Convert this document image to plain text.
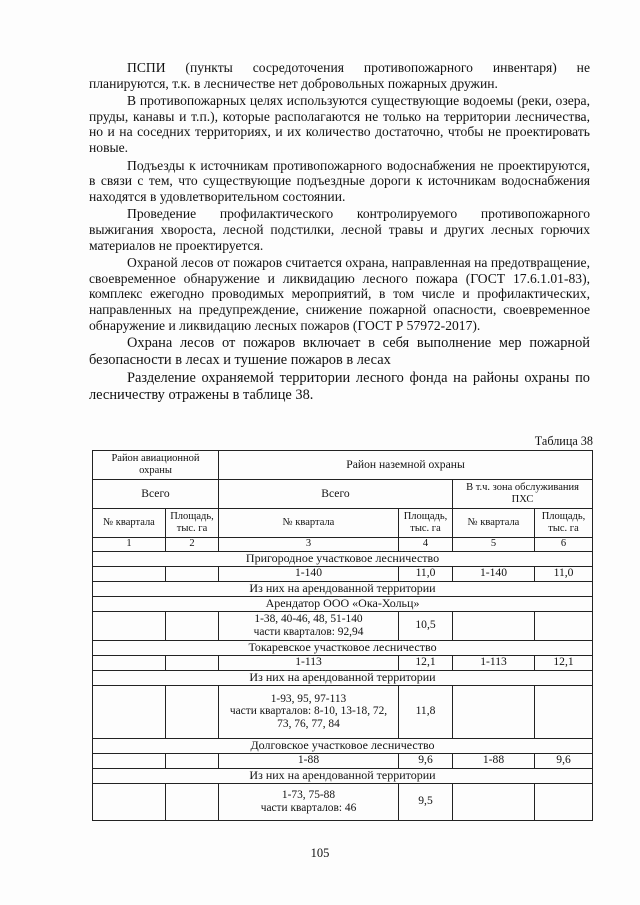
ПСПИ (пункты сосредоточения противопожарного инвентаря) не планируются, т.к. в лесничестве нет добровольных пожарных дружин.

В противопожарных целях используются существующие водоемы (реки, озера, пруды, канавы и т.п.), которые располагаются не только на территории лесничества, но и на соседних территориях, и их количество достаточно, чтобы не проектировать новые.

Подъезды к источникам противопожарного водоснабжения не проектируются, в связи с тем, что существующие подъездные дороги к источникам водоснабжения находятся в удовлетворительном состоянии.

Проведение профилактического контролируемого противопожарного выжигания хвороста, лесной подстилки, лесной травы и других лесных горючих материалов не проектируется.

Охраной лесов от пожаров считается охрана, направленная на предотвращение, своевременное обнаружение и ликвидацию лесного пожара (ГОСТ 17.6.1.01-83), комплекс ежегодно проводимых мероприятий, в том числе и профилактических, направленных на предупреждение, снижение пожарной опасности, своевременное обнаружение и ликвидацию лесных пожаров (ГОСТ Р 57972-2017).

Охрана лесов от пожаров включает в себя выполнение мер пожарной безопасности в лесах и тушение пожаров в лесах

Разделение охраняемой территории лесного фонда на районы охраны по лесничеству отражены в таблице 38.

Таблица 38
Район авиационной охраны		Район наземной охраны			
Всего		Всего		В т.ч. зона обслуживания ПХС	
№ квартала	Площадь, тыс. га	№ квартала	Площадь, тыс. га	№ квартала	Площадь, тыс. га
1	2	3	4	5	6
Пригородное участковое лесничество					
		1-140	11,0	1-140	11,0
Из них на арендованной территории					
Арендатор ООО «Ока-Хольц»					

		1-38, 40-46, 48, 51-140
части кварталов: 92,94	10,5		
Токаревское участковое лесничество					
		1-113	12,1	1-113	12,1
Из них на арендованной территории					

		1-93, 95, 97-113
части кварталов: 8-10, 13-18, 72,
73, 76, 77, 84	11,8		
Долговское участковое лесничество					
		1-88	9,6	1-88	9,6
Из них на арендованной территории					

		1-73, 75-88
части кварталов: 46	9,5		
105
